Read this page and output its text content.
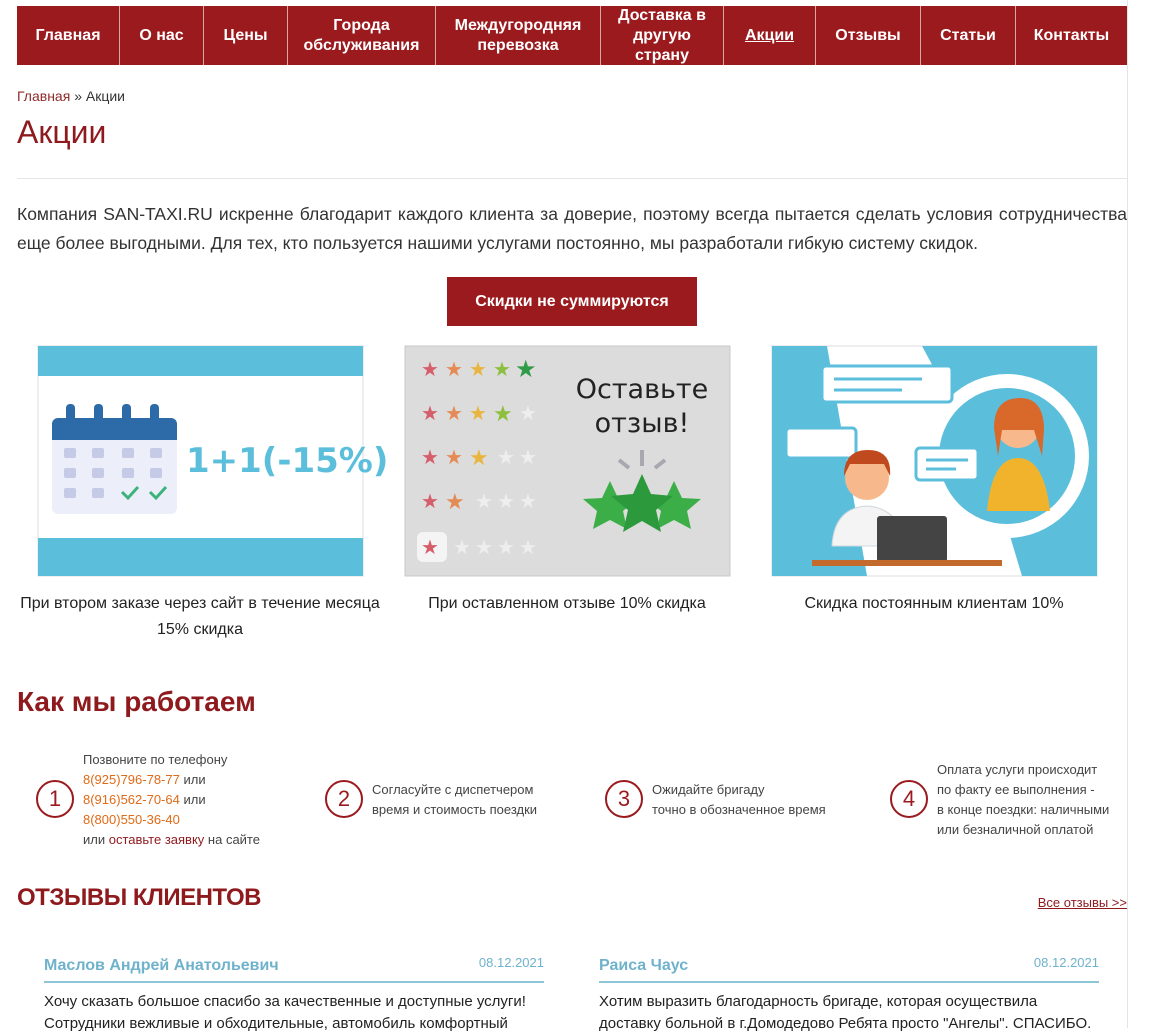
Главная О нас Цены
Города обслуживания
Междугородняя перевозка
Доставка в другую страну
Акции	Отзывы Статьи Контакты
Главная » Акции
Акции

Компания SAN-TAXI.RU искренне благодарит каждого клиента за доверие, поэтому всегда пытается сделать условия сотрудничества еще более выгодными. Для тех, кто пользуется нашими услугами постоянно, мы разработали гибкую систему скидок.

Скидки не суммируются
1+1(-15%)
При втором заказе через сайт в течение месяца 15% скидка
★ ★ ★ ★ ★
★ ★ ★ ★ ★
★ ★ ★ ★ ★
★ ★ ★ ★ ★
★ ★ ★ ★ ★
Оставьте
отзыв!
При оставленном отзыве 10% скидка	Скидка постоянным клиентам 10%
Как мы работаем
1
Позвоните по телефону
8(925)796-78-77 или
8(916)562-70-64 или
8(800)550-36-40
или оставьте заявку на сайте
2	Согласуйте с диспетчером
время и стоимость поездки	3	Ожидайте бригаду
точно в обозначенное время	4
Оплата услуги происходит
по факту ее выполнения -
в конце поездки: наличными
или безналичной оплатой
ОТЗЫВЫ КЛИЕНТОВ	Все отзывы >>
Маслов Андрей Анатольевич	08.12.2021
Хочу сказать большое спасибо за качественные и доступные услуги! Сотрудники вежливые и обходительные, автомобиль комфортный
Раиса Чаус	08.12.2021
Хотим выразить благодарность бригаде, которая осуществила доставку больной в г.Домодедово Ребята просто "Ангелы". СПАСИБО.
